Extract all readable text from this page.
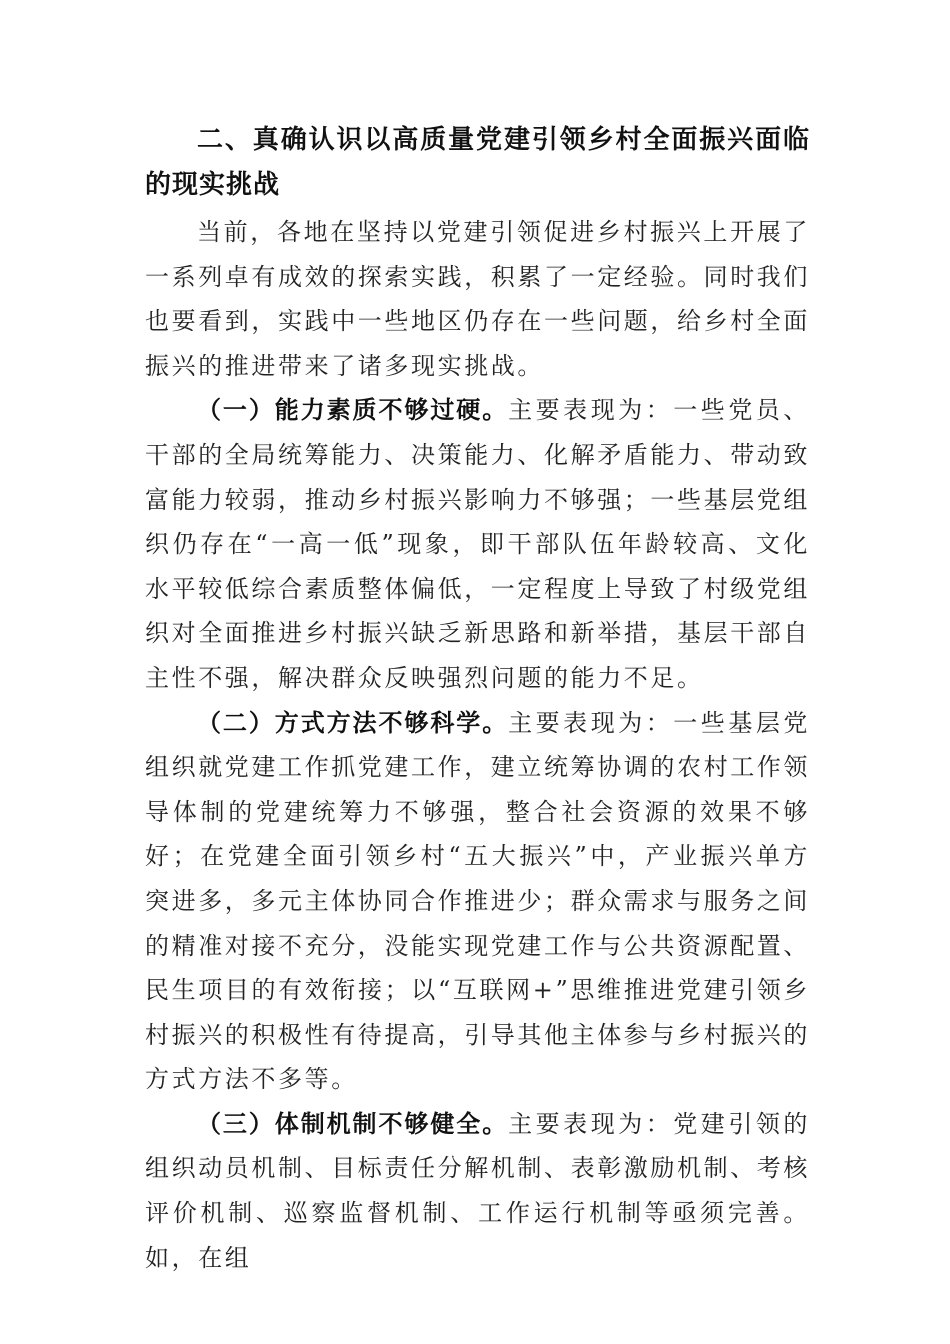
二、真确认识以高质量党建引领乡村全面振兴面临的现实挑战

当前，各地在坚持以党建引领促进乡村振兴上开展了一系列卓有成效的探索实践，积累了一定经验。同时我们也要看到，实践中一些地区仍存在一些问题，给乡村全面振兴的推进带来了诸多现实挑战。

（一）能力素质不够过硬。主要表现为：一些党员、干部的全局统筹能力、决策能力、化解矛盾能力、带动致富能力较弱，推动乡村振兴影响力不够强；一些基层党组织仍存在“一高一低”现象，即干部队伍年龄较高、文化水平较低综合素质整体偏低，一定程度上导致了村级党组织对全面推进乡村振兴缺乏新思路和新举措，基层干部自主性不强，解决群众反映强烈问题的能力不足。

（二）方式方法不够科学。主要表现为：一些基层党组织就党建工作抓党建工作，建立统筹协调的农村工作领导体制的党建统筹力不够强，整合社会资源的效果不够好；在党建全面引领乡村“五大振兴”中，产业振兴单方突进多，多元主体协同合作推进少；群众需求与服务之间的精准对接不充分，没能实现党建工作与公共资源配置、民生项目的有效衔接；以“互联网+”思维推进党建引领乡村振兴的积极性有待提高，引导其他主体参与乡村振兴的方式方法不多等。

（三）体制机制不够健全。主要表现为：党建引领的组织动员机制、目标责任分解机制、表彰激励机制、考核评价机制、巡察监督机制、工作运行机制等亟须完善。如，在组
